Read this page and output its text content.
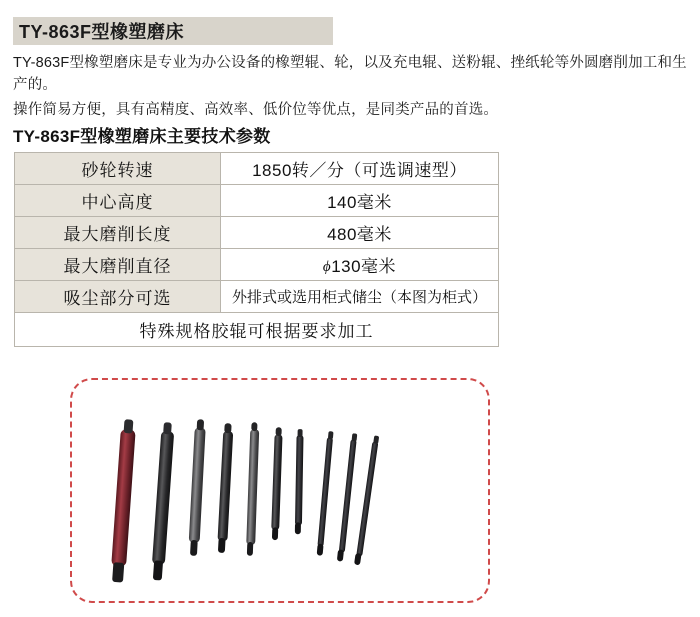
TY-863F型橡塑磨床

TY-863F型橡塑磨床是专业为办公设备的橡塑辊、轮，以及充电辊、送粉辊、挫纸轮等外圆磨削加工和生产的。

操作简易方便，具有高精度、高效率、低价位等优点，是同类产品的首选。

TY-863F型橡塑磨床主要技术参数
砂轮转速	1850转／分（可选调速型）
中心高度	140毫米
最大磨削长度	480毫米
最大磨削直径	ϕ130毫米
吸尘部分可选	外排式或选用柜式储尘（本图为柜式）
特殊规格胶辊可根据要求加工	
